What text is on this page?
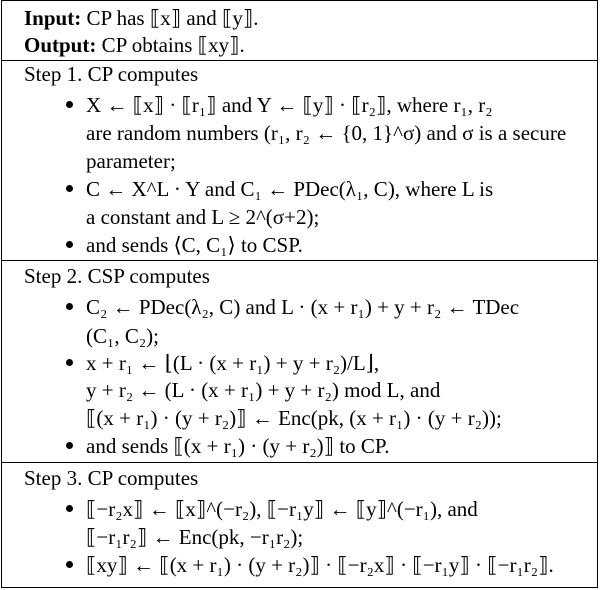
Input: CP has ⟦x⟧ and ⟦y⟧.
Output: CP obtains ⟦xy⟧.
Step 1. CP computes
X ← ⟦x⟧ · ⟦r₁⟧ and Y ← ⟦y⟧ · ⟦r₂⟧, where r₁, r₂
are random numbers (r₁, r₂ ← {0, 1}^σ) and σ is a secure
parameter;
C ← X^L · Y and C₁ ← PDec(λ₁, C), where L is
a constant and L ≥ 2^(σ+2);
and sends ⟨C, C₁⟩ to CSP.
Step 2. CSP computes
C₂ ← PDec(λ₂, C) and L · (x + r₁) + y + r₂ ← TDec
(C₁, C₂);
x + r₁ ← ⌊(L · (x + r₁) + y + r₂)/L⌋,
y + r₂ ← (L · (x + r₁) + y + r₂) mod L, and
⟦(x + r₁) · (y + r₂)⟧ ← Enc(pk, (x + r₁) · (y + r₂));
and sends ⟦(x + r₁) · (y + r₂)⟧ to CP.
Step 3. CP computes
⟦−r₂x⟧ ← ⟦x⟧^(−r₂), ⟦−r₁y⟧ ← ⟦y⟧^(−r₁), and
⟦−r₁r₂⟧ ← Enc(pk, −r₁r₂);
⟦xy⟧ ← ⟦(x + r₁) · (y + r₂)⟧ · ⟦−r₂x⟧ · ⟦−r₁y⟧ · ⟦−r₁r₂⟧.
